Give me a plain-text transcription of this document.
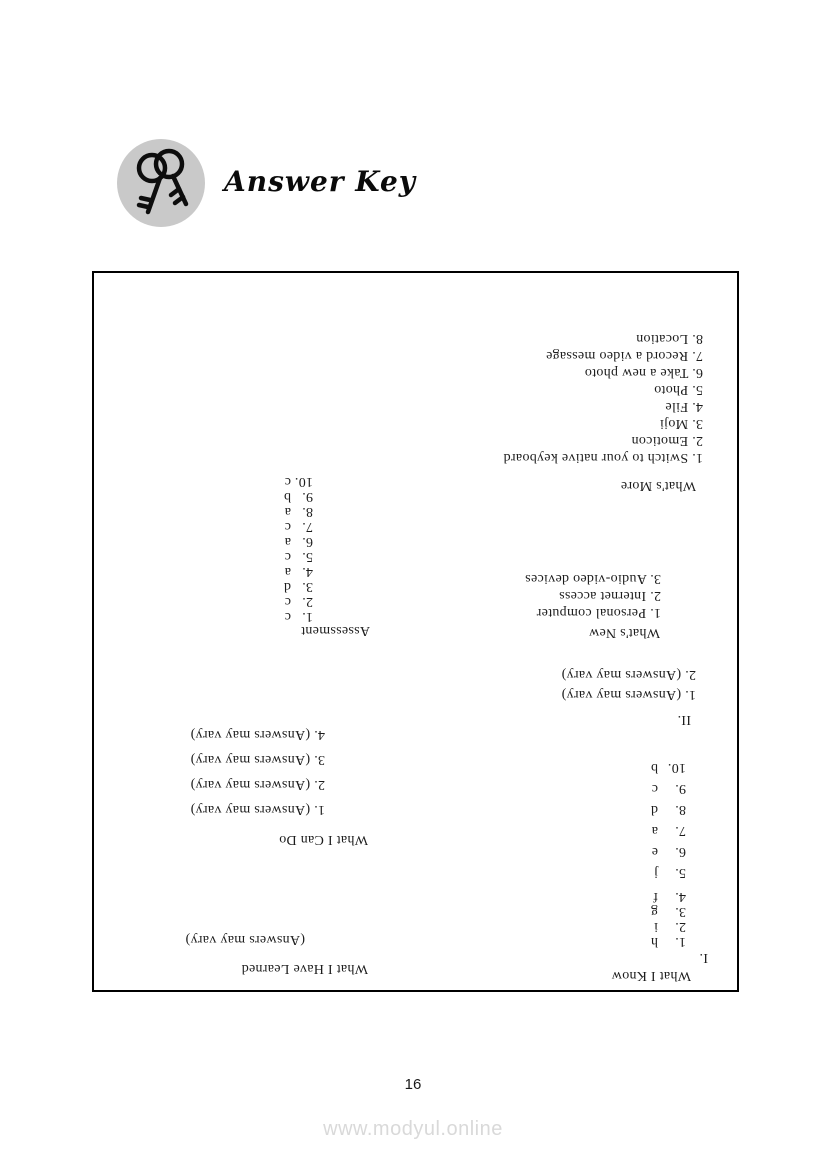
Answer Key
What I Know
I.
1.h
2.i
3.g
4.f
5.j
6.e
7.a
8.d
9.c
10.b
II.
1. (Answers may vary)
2. (Answers may vary)
What's New
1. Personal computer
2. Internet access
3. Audio-video devices
What's More
1. Switch to your native keyboard
2. Emoticon
3. Moji
4. File
5. Photo
6. Take a new photo
7. Record a video message
8. Location
What I Have Learned
(Answers may vary)
What I Can Do
1. (Answers may vary)
2. (Answers may vary)
3. (Answers may vary)
4. (Answers may vary)
Assessment
1.c
2.c
3.d
4.a
5.c
6.a
7.c
8.a
9.b
10.c
16
www.modyul.online
